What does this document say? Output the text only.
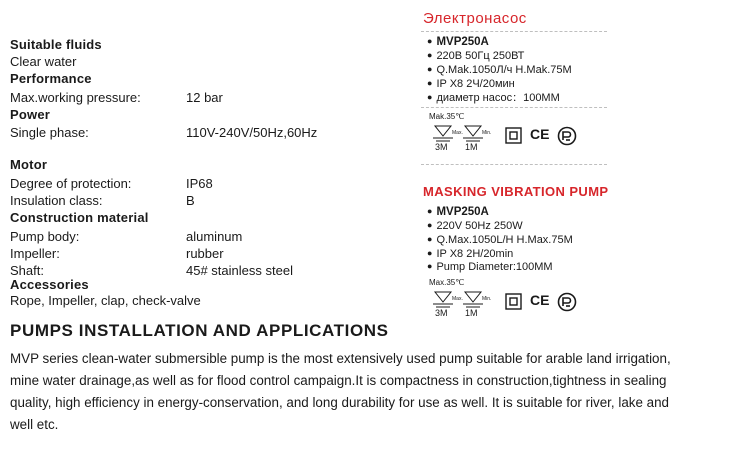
Suitable fluids
Clear water
Performance
Max.working pressure:	12 bar
Power
Single phase:	110V-240V/50Hz,60Hz
Motor
Degree of protection:	IP68
Insulation class:	B
Construction material
Pump body:	aluminum
Impeller:	rubber
Shaft:	45# stainless steel
Accessories
Rope, Impeller, clap, check-valve
Электронасос
● MVP250A
● 220В 50Гц 250ВТ
● Q.Mak.1050Л/ч H.Mak.75M
● IP X8 2Ч/20мин
● диаметр насос：100MM
Mak.35℃
Max.	Min.
3M 1M
CE
MASKING VIBRATION PUMP
● MVP250A
● 220V 50Hz 250W
● Q.Max.1050L/H H.Max.75M
● IP X8 2H/20min
● Pump Diameter:100MM
Max.35℃
Max.	Min.
3M 1M
CE
PUMPS INSTALLATION AND APPLICATIONS
MVP series clean-water submersible pump is the most extensively used pump suitable for arable land irrigation,
mine water drainage,as well as for flood control campaign.It is compactness in construction,tightness in sealing
quality, high efficiency in energy-conservation, and long durability for use as well. It is suitable for river, lake and
well etc.
